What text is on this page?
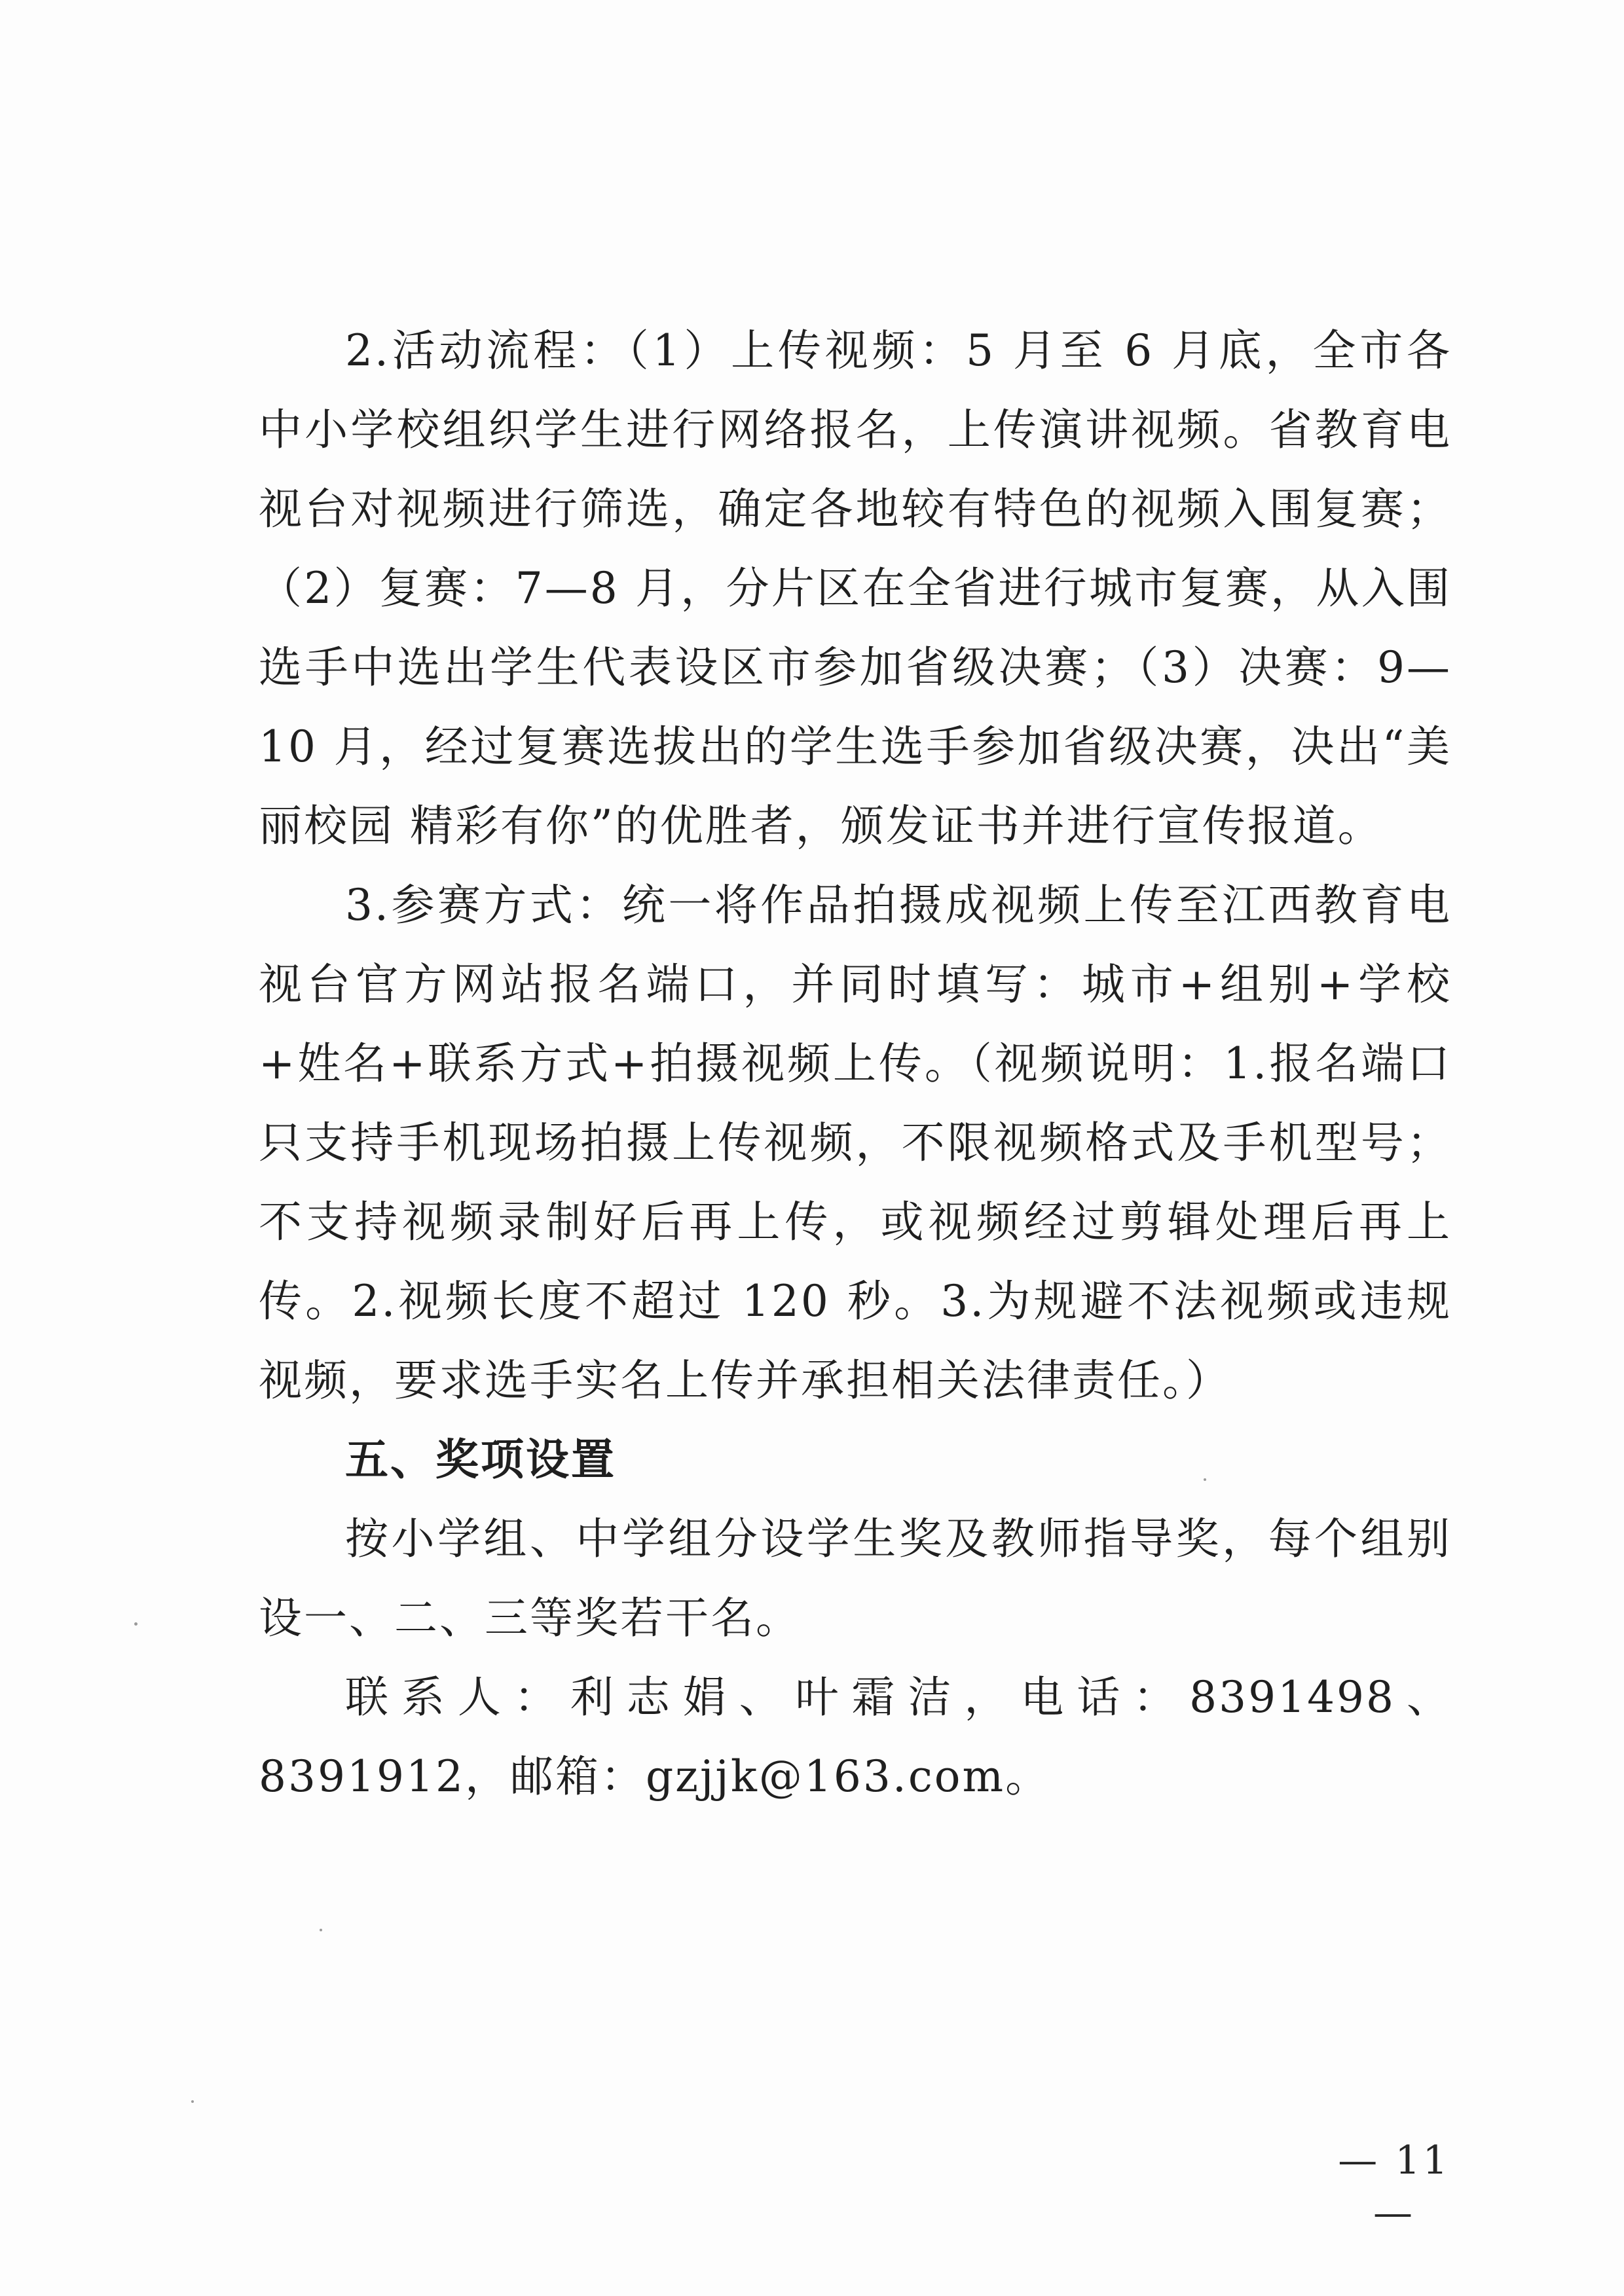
2.活动流程：（1）上传视频：5 月至 6 月底，全市各中小学校组织学生进行网络报名，上传演讲视频。省教育电视台对视频进行筛选，确定各地较有特色的视频入围复赛；（2）复赛：7—8 月，分片区在全省进行城市复赛，从入围选手中选出学生代表设区市参加省级决赛；（3）决赛：9—10 月，经过复赛选拔出的学生选手参加省级决赛，决出“美丽校园 精彩有你”的优胜者，颁发证书并进行宣传报道。

3.参赛方式：统一将作品拍摄成视频上传至江西教育电视台官方网站报名端口，并同时填写：城市+组别+学校+姓名+联系方式+拍摄视频上传。（视频说明：1.报名端口只支持手机现场拍摄上传视频，不限视频格式及手机型号；不支持视频录制好后再上传，或视频经过剪辑处理后再上传。2.视频长度不超过 120 秒。3.为规避不法视频或违规视频，要求选手实名上传并承担相关法律责任。）

五、奖项设置

按小学组、中学组分设学生奖及教师指导奖，每个组别设一、二、三等奖若干名。

联系人：利志娟、叶霜洁，电话：8391498、8391912，邮箱：gzjjk@163.com。

— 11 —
